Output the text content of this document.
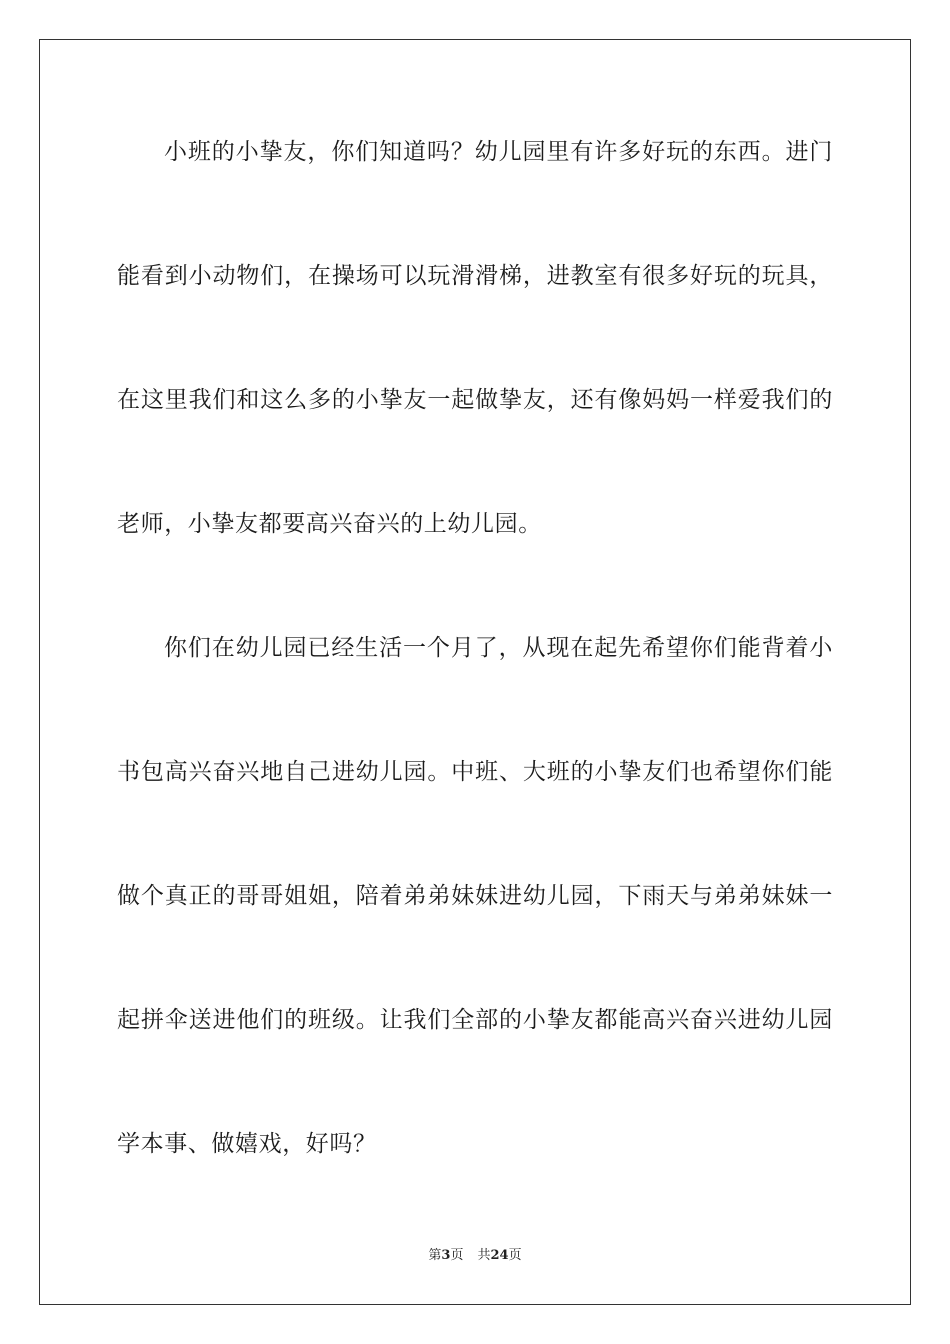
小班的小挚友，你们知道吗？幼儿园里有许多好玩的东西。进门
能看到小动物们，在操场可以玩滑滑梯，进教室有很多好玩的玩具，
在这里我们和这么多的小挚友一起做挚友，还有像妈妈一样爱我们的
老师，小挚友都要高兴奋兴的上幼儿园。
你们在幼儿园已经生活一个月了，从现在起先希望你们能背着小
书包高兴奋兴地自己进幼儿园。中班、大班的小挚友们也希望你们能
做个真正的哥哥姐姐，陪着弟弟妹妹进幼儿园，下雨天与弟弟妹妹一
起拼伞送进他们的班级。让我们全部的小挚友都能高兴奋兴进幼儿园
学本事、做嬉戏，好吗？
第3页 共24页
